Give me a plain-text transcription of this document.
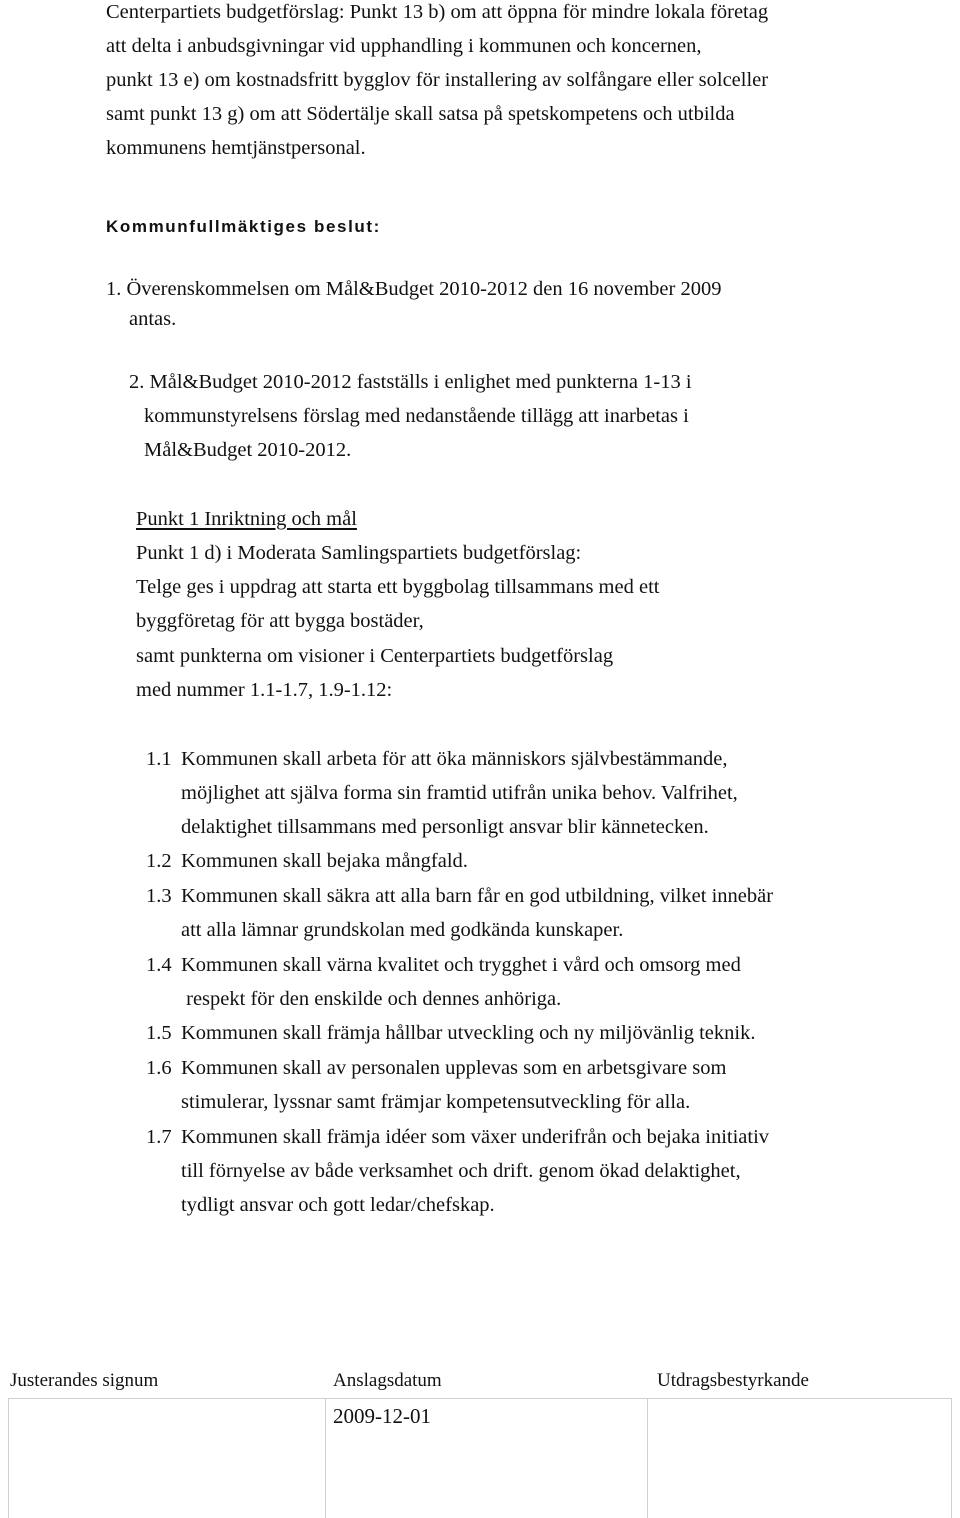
Centerpartiets budgetförslag: Punkt 13 b) om att öppna för mindre lokala företag

att delta i anbudsgivningar vid upphandling i kommunen och koncernen,

punkt 13 e) om kostnadsfritt bygglov för installering av solfångare eller solceller

samt punkt 13 g) om att Södertälje skall satsa på spetskompetens och utbilda

kommunens hemtjänstpersonal.

Kommunfullmäktiges beslut:

1. Överenskommelsen om Mål&Budget 2010-2012 den 16 november 2009

antas.

2. Mål&Budget 2010-2012 fastställs i enlighet med punkterna 1-13 i

kommunstyrelsens förslag med nedanstående tillägg att inarbetas i

Mål&Budget 2010-2012.

Punkt 1 Inriktning och mål

Punkt 1 d) i Moderata Samlingspartiets budgetförslag:

Telge ges i uppdrag att starta ett byggbolag tillsammans med ett

byggföretag för att bygga bostäder,

samt punkterna om visioner i Centerpartiets budgetförslag

med nummer 1.1-1.7, 1.9-1.12:

1.1 Kommunen skall arbeta för att öka människors självbestämmande,
möjlighet att själva forma sin framtid utifrån unika behov. Valfrihet,
delaktighet tillsammans med personligt ansvar blir kännetecken.
1.2 Kommunen skall bejaka mångfald.
1.3 Kommunen skall säkra att alla barn får en god utbildning, vilket innebär
att alla lämnar grundskolan med godkända kunskaper.
1.4 Kommunen skall värna kvalitet och trygghet i vård och omsorg med
respekt för den enskilde och dennes anhöriga.
1.5 Kommunen skall främja hållbar utveckling och ny miljövänlig teknik.
1.6 Kommunen skall av personalen upplevas som en arbetsgivare som
stimulerar, lyssnar samt främjar kompetensutveckling för alla.
1.7 Kommunen skall främja idéer som växer underifrån och bejaka initiativ
till förnyelse av både verksamhet och drift. genom ökad delaktighet,
tydligt ansvar och gott ledar/chefskap.
Justerandes signum	Anslagsdatum	Utdragsbestyrkande
2009-12-01
